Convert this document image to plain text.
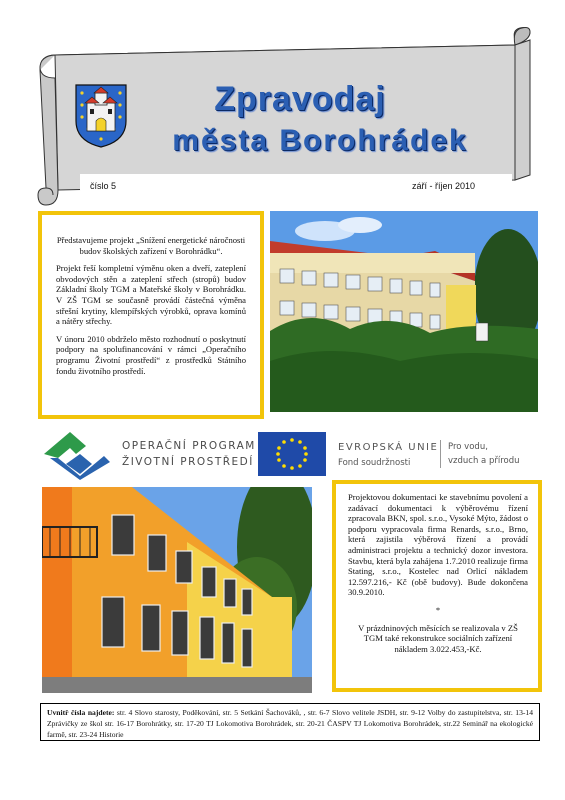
Zpravodaj
města Borohrádek
číslo 5	září - říjen 2010

Představujeme projekt „Snížení energetické náročnosti budov školských zařízení v Borohrádku“.

Projekt řeší kompletní výměnu oken a dveří, zateplení obvodových stěn a zateplení střech (stropů) budov Základní školy TGM a Mateřské školy v Borohrádku. V ZŠ TGM se současně provádí částečná výměna střešní krytiny, klempířských výrobků, oprava komínů a nátěry střechy.

V únoru 2010 obdrželo město rozhodnutí o poskytnutí podpory na spolufinancování v rámci „Operačního programu Životní prostředí“ z prostředků Státního fondu životního prostředí.

OPERAČNÍ PROGRAM
ŽIVOTNÍ PROSTŘEDÍ
EVROPSKÁ UNIE
Fond soudržnosti
Pro vodu,
vzduch a přírodu

Projektovou dokumentaci ke stavebnímu povolení a zadávací dokumentaci k výběrovému řízení zpracovala BKN, spol. s.r.o., Vysoké Mýto, žádost o podporu vypracovala firma Renards, s.r.o., Brno, která zajistila výběrová řízení a provádí administraci projektu a technický dozor investora. Stavbu, která byla zahájena 1.7.2010 realizuje firma Stating, s.r.o., Kostelec nad Orlicí nákladem 12.597.216,- Kč (obě budovy). Bude dokončena 30.9.2010.

*

V prázdninových měsících se realizovala v ZŠ TGM také rekonstrukce sociálních zařízení nákladem 3.022.453,-Kč.

Uvnitř čísla najdete: str. 4 Slovo starosty, Poděkování, str. 5 Setkání Šachováků, , str. 6-7 Slovo velitele JSDH, str. 9-12 Volby do zastupitelstva, str. 13-14 Zprávičky ze škol str. 16-17 Borohrátky, str. 17-20 TJ Lokomotiva Borohrádek, str. 20-21 ČASPV TJ Lokomotiva Borohrádek, str.22 Seminář na ekologické farmě, str. 23-24 Historie
